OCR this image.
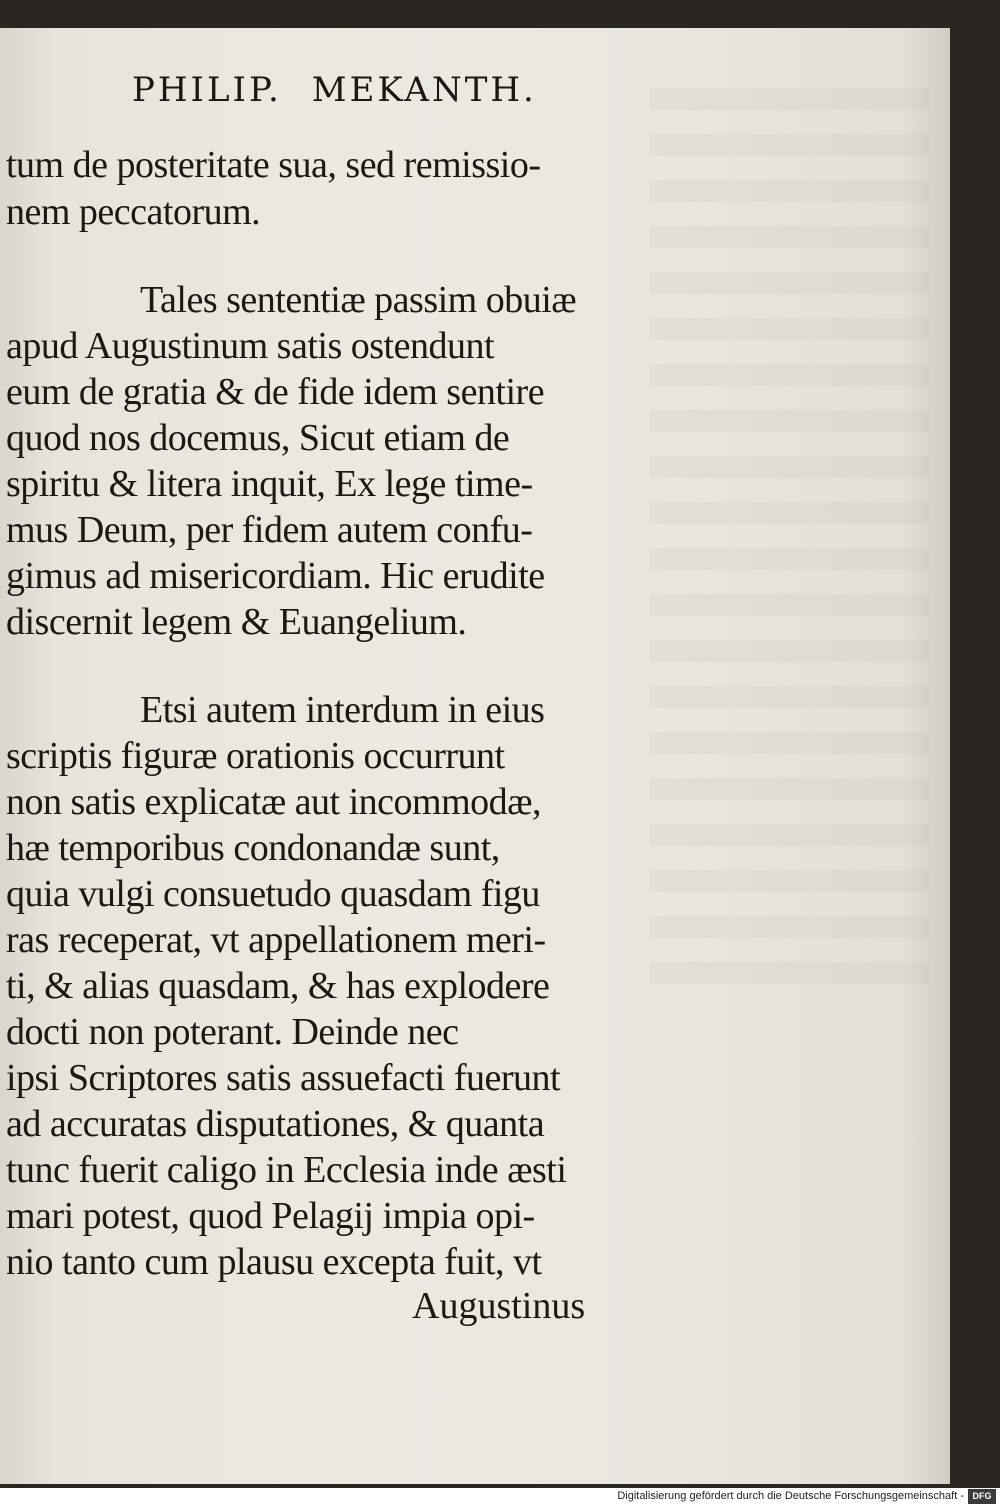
PHILIP. MEKANTH.
tum de posteritate sua, sed remissio-
nem peccatorum.
Tales sententiæ passim obuiæ
apud Augustinum satis ostendunt
eum de gratia & de fide idem sentire
quod nos docemus, Sicut etiam de
spiritu & litera inquit, Ex lege time-
mus Deum, per fidem autem confu-
gimus ad misericordiam. Hic erudite
discernit legem & Euangelium.
Etsi autem interdum in eius
scriptis figuræ orationis occurrunt
non satis explicatæ aut incommodæ,
hæ temporibus condonandæ sunt,
quia vulgi consuetudo quasdam figu
ras receperat, vt appellationem meri-
ti, & alias quasdam, & has explodere
docti non poterant. Deinde nec
ipsi Scriptores satis assuefacti fuerunt
ad accuratas disputationes, & quanta
tunc fuerit caligo in Ecclesia inde æsti
mari potest, quod Pelagij impia opi-
nio tanto cum plausu excepta fuit, vt
Augustinus
Digitalisierung gefördert durch die Deutsche Forschungsgemeinschaft - DFG
